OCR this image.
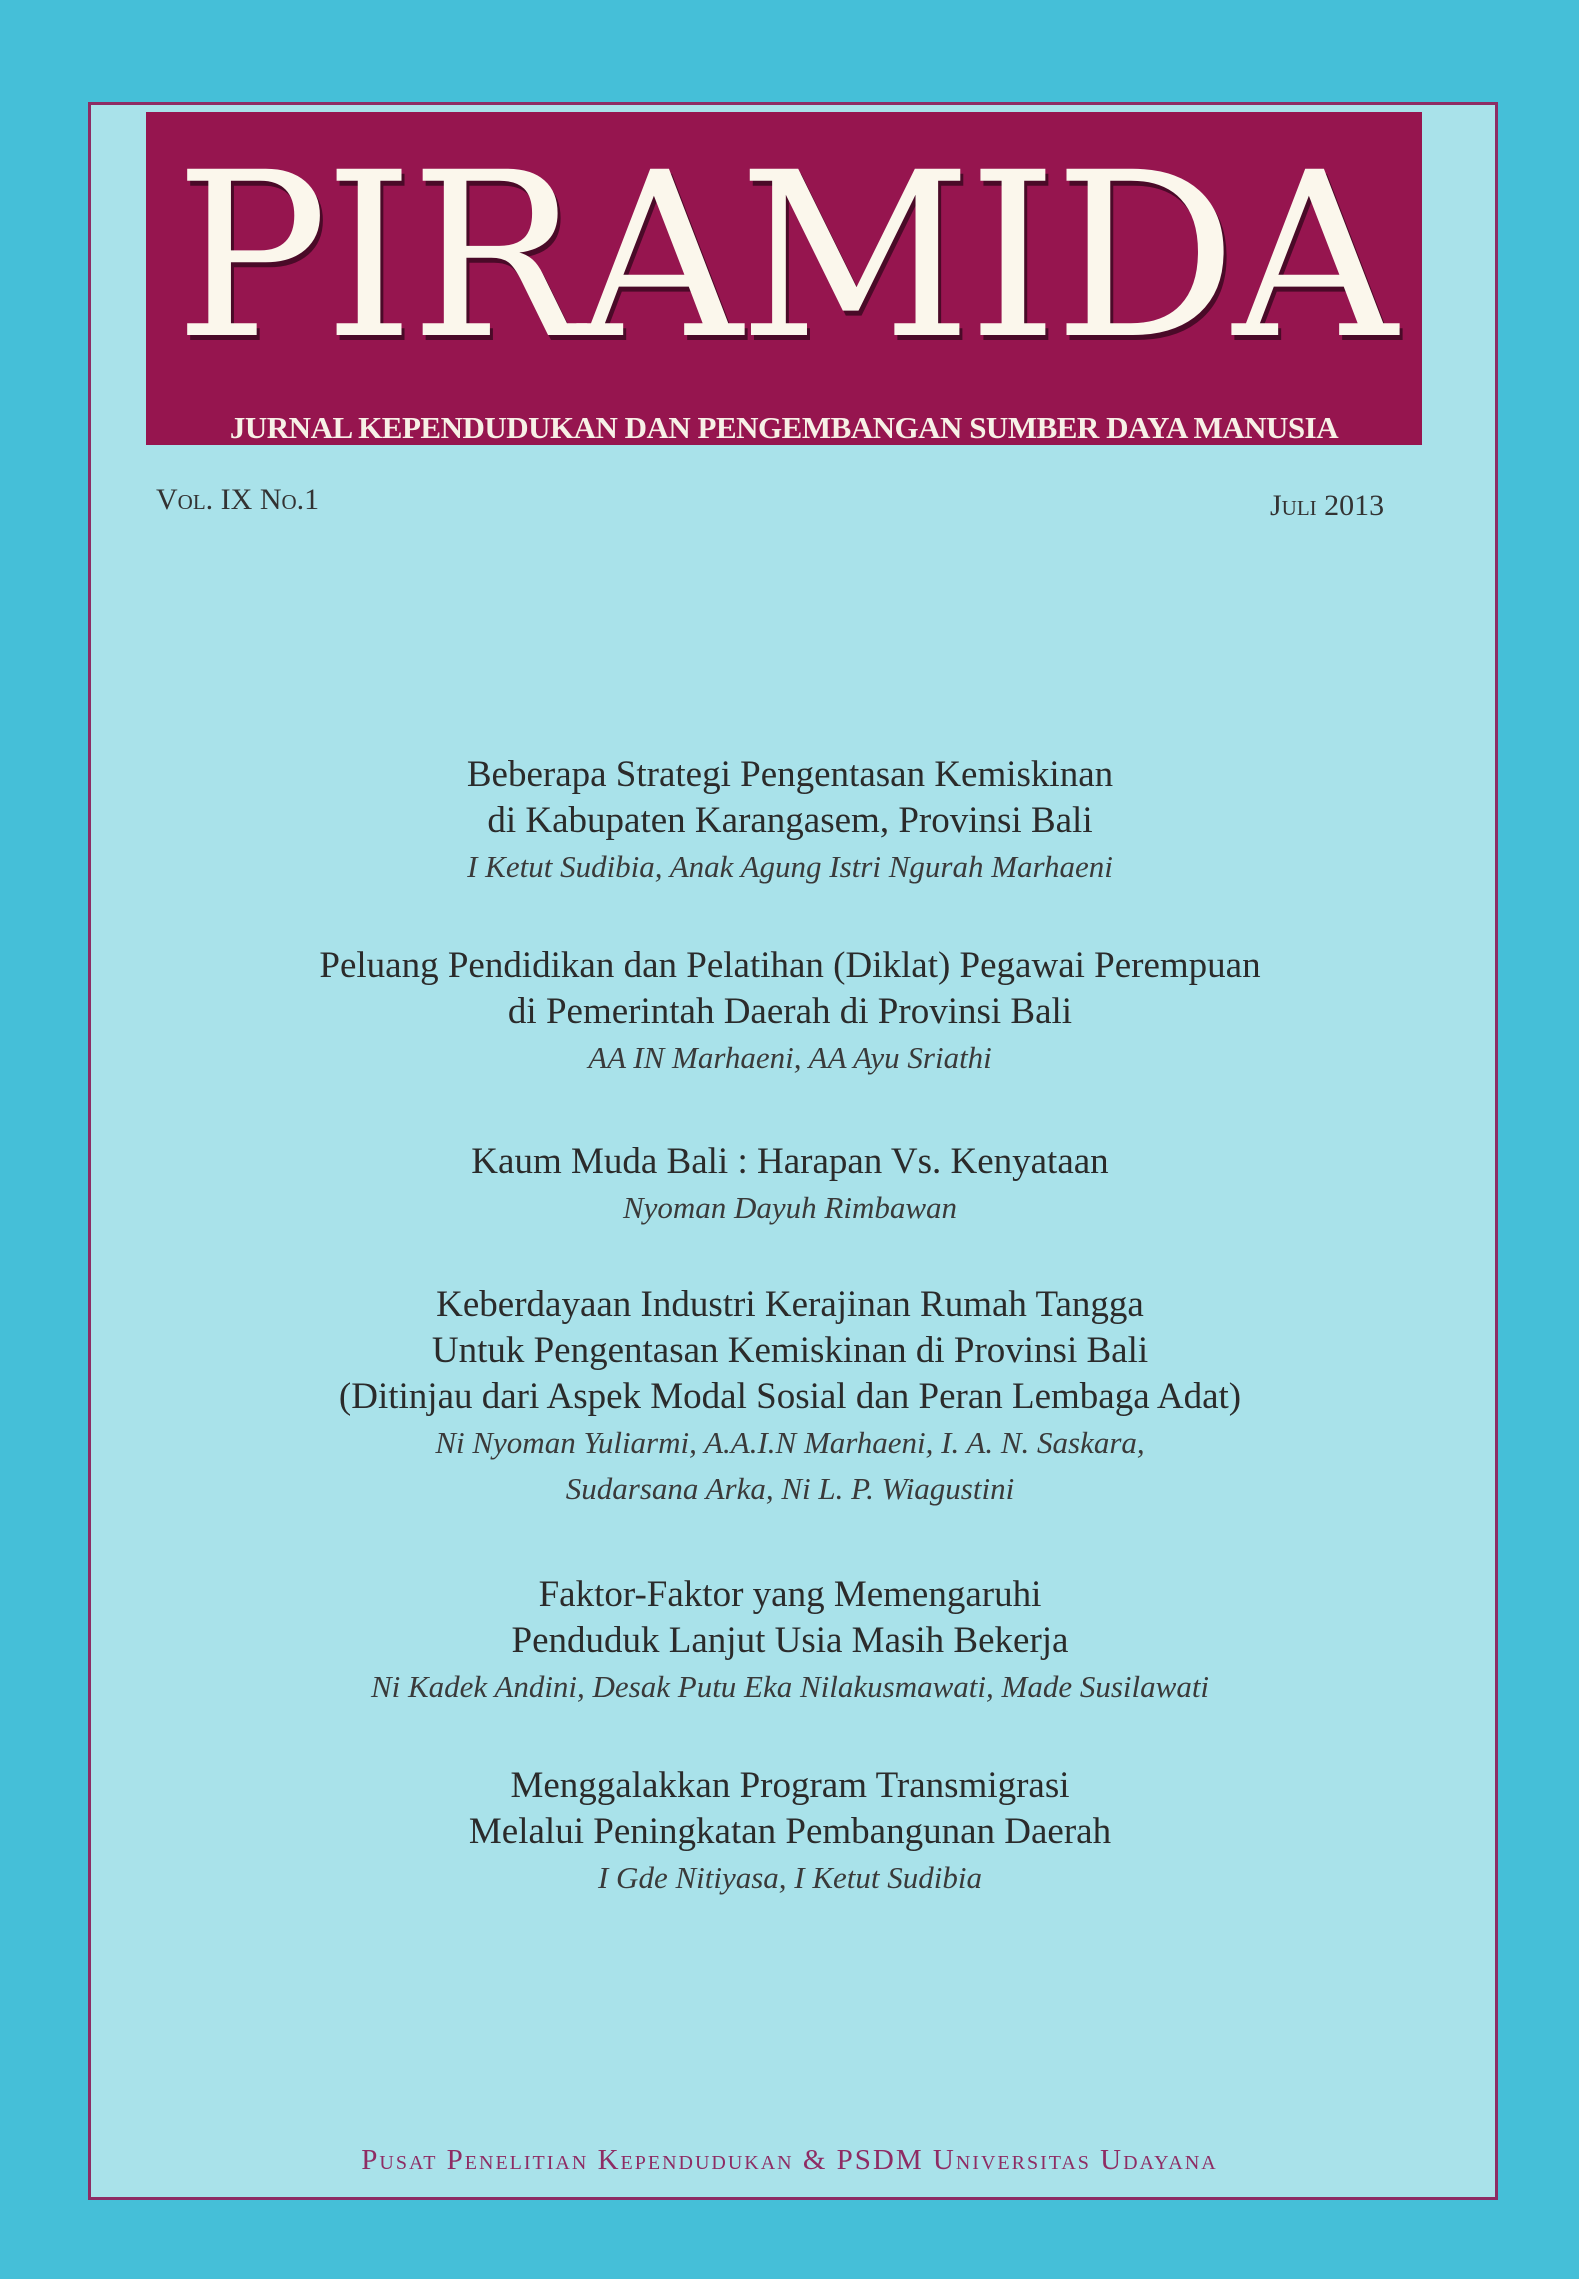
PIRAMIDA
JURNAL KEPENDUDUKAN DAN PENGEMBANGAN SUMBER DAYA MANUSIA
Vol. IX No.1	Juli 2013
Beberapa Strategi Pengentasan Kemiskinan
di Kabupaten Karangasem, Provinsi Bali
I Ketut Sudibia, Anak Agung Istri Ngurah Marhaeni
Peluang Pendidikan dan Pelatihan (Diklat) Pegawai Perempuan
di Pemerintah Daerah di Provinsi Bali
AA IN Marhaeni, AA Ayu Sriathi
Kaum Muda Bali : Harapan Vs. Kenyataan
Nyoman Dayuh Rimbawan
Keberdayaan Industri Kerajinan Rumah Tangga
Untuk Pengentasan Kemiskinan di Provinsi Bali
(Ditinjau dari Aspek Modal Sosial dan Peran Lembaga Adat)
Ni Nyoman Yuliarmi, A.A.I.N Marhaeni, I. A. N. Saskara,
Sudarsana Arka, Ni L. P. Wiagustini
Faktor-Faktor yang Memengaruhi
Penduduk Lanjut Usia Masih Bekerja
Ni Kadek Andini, Desak Putu Eka Nilakusmawati, Made Susilawati
Menggalakkan Program Transmigrasi
Melalui Peningkatan Pembangunan Daerah
I Gde Nitiyasa, I Ketut Sudibia
Pusat Penelitian Kependudukan & PSDM Universitas Udayana
